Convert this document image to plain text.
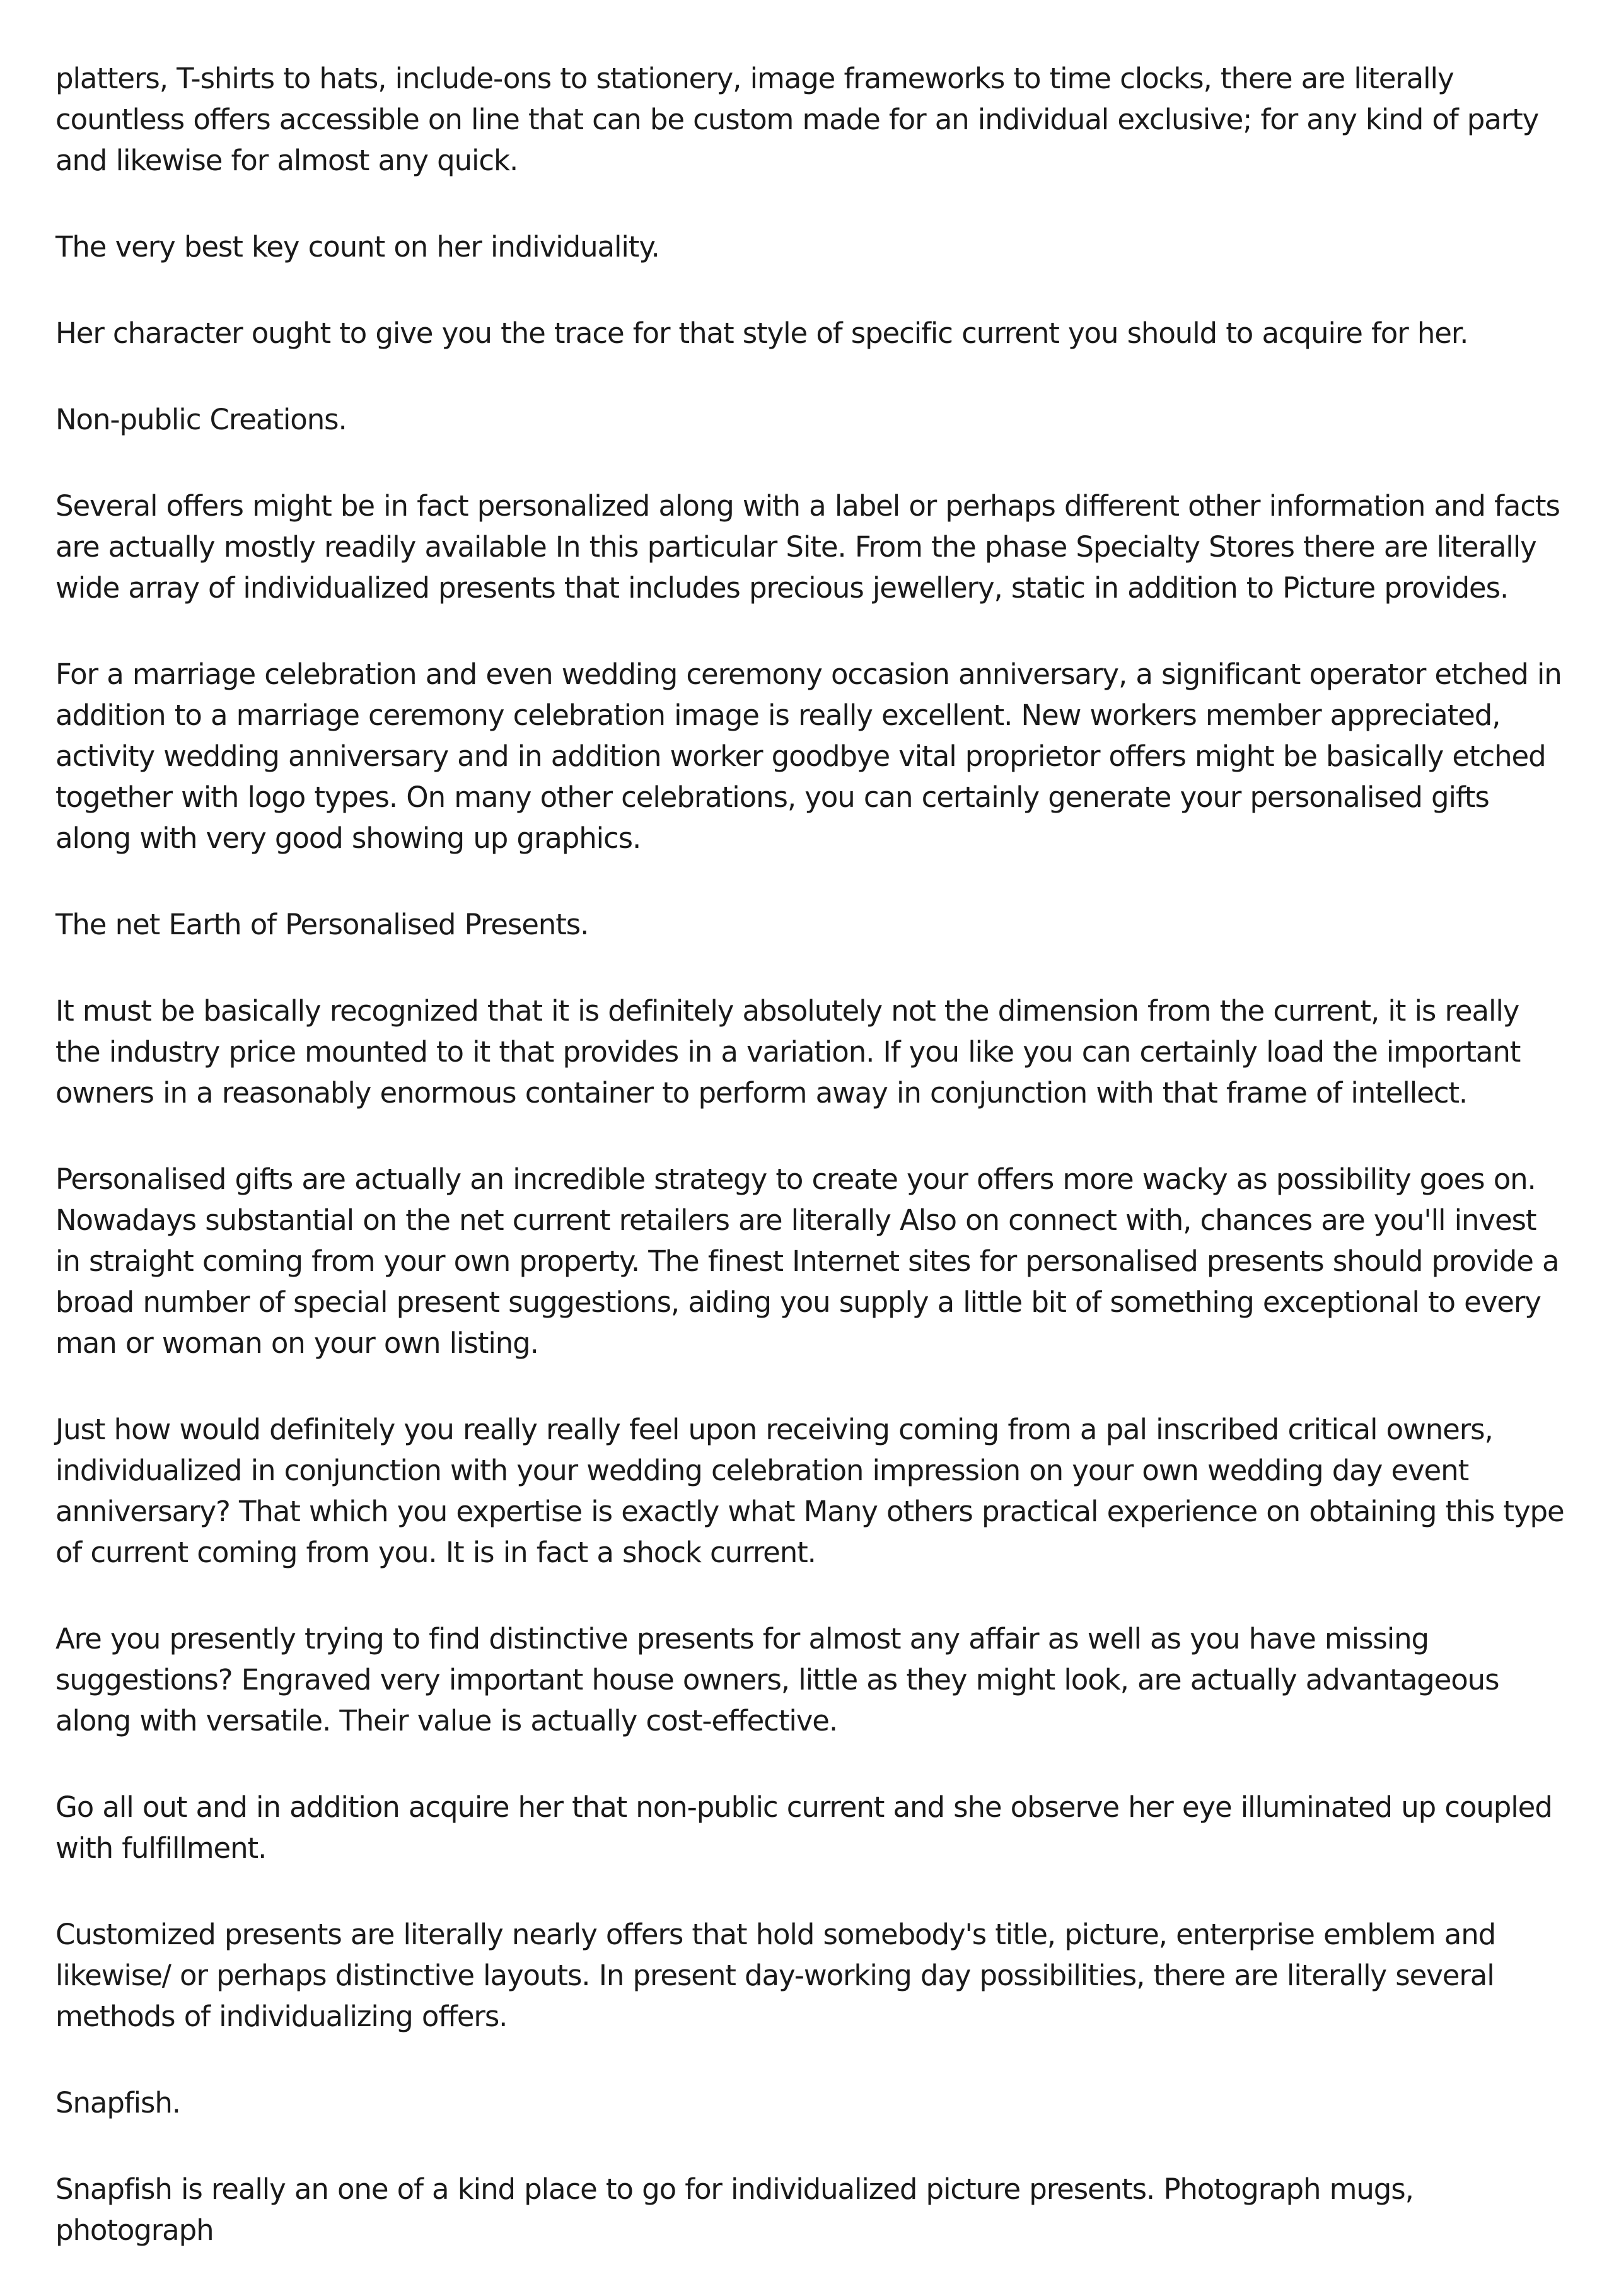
platters, T-shirts to hats, include-ons to stationery, image frameworks to time clocks, there are literally countless offers accessible on line that can be custom made for an individual exclusive; for any kind of party and likewise for almost any quick.

The very best key count on her individuality.

Her character ought to give you the trace for that style of specific current you should to acquire for her.

Non-public Creations.

Several offers might be in fact personalized along with a label or perhaps different other information and facts are actually mostly readily available In this particular Site. From the phase Specialty Stores there are literally wide array of individualized presents that includes precious jewellery, static in addition to Picture provides.

For a marriage celebration and even wedding ceremony occasion anniversary, a significant operator etched in addition to a marriage ceremony celebration image is really excellent. New workers member appreciated, activity wedding anniversary and in addition worker goodbye vital proprietor offers might be basically etched together with logo types. On many other celebrations, you can certainly generate your personalised gifts along with very good showing up graphics.

The net Earth of Personalised Presents.

It must be basically recognized that it is definitely absolutely not the dimension from the current, it is really the industry price mounted to it that provides in a variation. If you like you can certainly load the important owners in a reasonably enormous container to perform away in conjunction with that frame of intellect.

Personalised gifts are actually an incredible strategy to create your offers more wacky as possibility goes on. Nowadays substantial on the net current retailers are literally Also on connect with, chances are you'll invest in straight coming from your own property. The finest Internet sites for personalised presents should provide a broad number of special present suggestions, aiding you supply a little bit of something exceptional to every man or woman on your own listing.

Just how would definitely you really really feel upon receiving coming from a pal inscribed critical owners, individualized in conjunction with your wedding celebration impression on your own wedding day event anniversary? That which you expertise is exactly what Many others practical experience on obtaining this type of current coming from you. It is in fact a shock current.

Are you presently trying to find distinctive presents for almost any affair as well as you have missing suggestions? Engraved very important house owners, little as they might look, are actually advantageous along with versatile. Their value is actually cost-effective.

Go all out and in addition acquire her that non-public current and she observe her eye illuminated up coupled with fulfillment.

Customized presents are literally nearly offers that hold somebody's title, picture, enterprise emblem and likewise/ or perhaps distinctive layouts. In present day-working day possibilities, there are literally several methods of individualizing offers.

Snapfish.

Snapfish is really an one of a kind place to go for individualized picture presents. Photograph mugs, photograph
